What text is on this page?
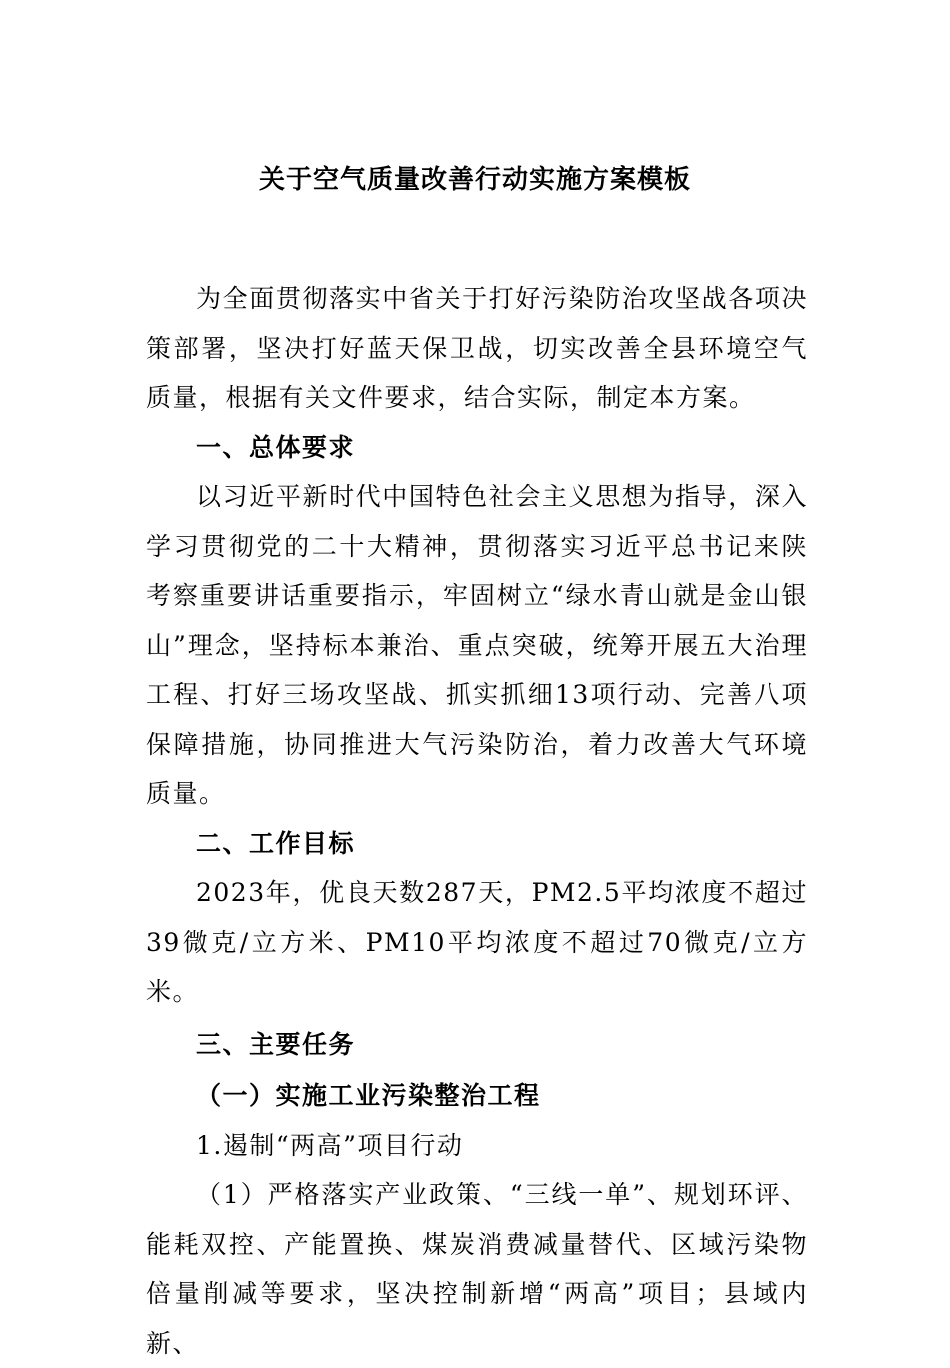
关于空气质量改善行动实施方案模板

为全面贯彻落实中省关于打好污染防治攻坚战各项决策部署，坚决打好蓝天保卫战，切实改善全县环境空气质量，根据有关文件要求，结合实际，制定本方案。

一、总体要求

以习近平新时代中国特色社会主义思想为指导，深入学习贯彻党的二十大精神，贯彻落实习近平总书记来陕考察重要讲话重要指示，牢固树立“绿水青山就是金山银山”理念，坚持标本兼治、重点突破，统筹开展五大治理工程、打好三场攻坚战、抓实抓细13项行动、完善八项保障措施，协同推进大气污染防治，着力改善大气环境质量。

二、工作目标

2023年，优良天数287天，PM2.5平均浓度不超过39微克/立方米、PM10平均浓度不超过70微克/立方米。

三、主要任务
（一）实施工业污染整治工程
1.遏制“两高”项目行动

（1）严格落实产业政策、“三线一单”、规划环评、能耗双控、产能置换、煤炭消费减量替代、区域污染物倍量削减等要求，坚决控制新增“两高”项目；县域内新、
